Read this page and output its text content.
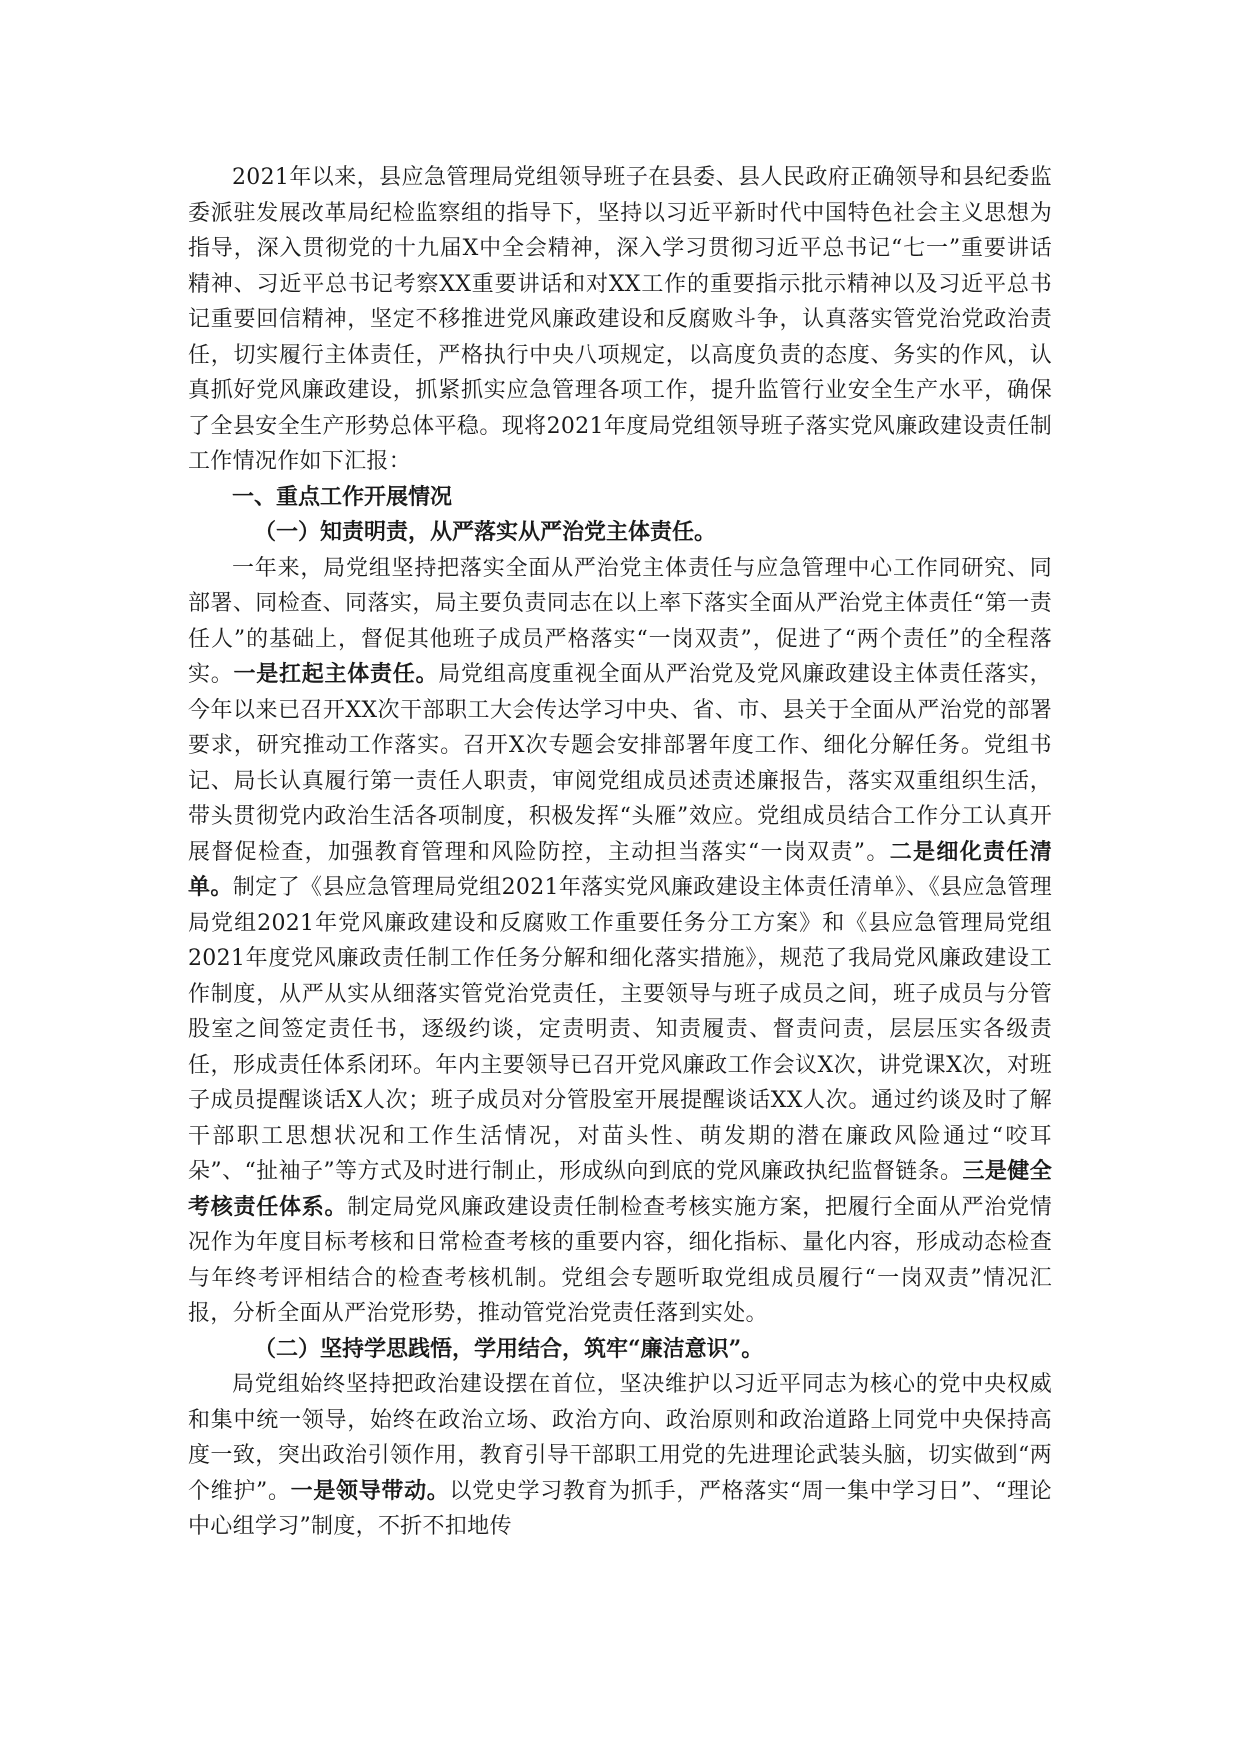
2021年以来，县应急管理局党组领导班子在县委、县人民政府正确领导和县纪委监委派驻发展改革局纪检监察组的指导下，坚持以习近平新时代中国特色社会主义思想为指导，深入贯彻党的十九届X中全会精神，深入学习贯彻习近平总书记“七一”重要讲话精神、习近平总书记考察XX重要讲话和对XX工作的重要指示批示精神以及习近平总书记重要回信精神，坚定不移推进党风廉政建设和反腐败斗争，认真落实管党治党政治责任，切实履行主体责任，严格执行中央八项规定，以高度负责的态度、务实的作风，认真抓好党风廉政建设，抓紧抓实应急管理各项工作，提升监管行业安全生产水平，确保了全县安全生产形势总体平稳。现将2021年度局党组领导班子落实党风廉政建设责任制工作情况作如下汇报：

一、重点工作开展情况

（一）知责明责，从严落实从严治党主体责任。

一年来，局党组坚持把落实全面从严治党主体责任与应急管理中心工作同研究、同部署、同检查、同落实，局主要负责同志在以上率下落实全面从严治党主体责任“第一责任人”的基础上，督促其他班子成员严格落实“一岗双责”，促进了“两个责任”的全程落实。一是扛起主体责任。局党组高度重视全面从严治党及党风廉政建设主体责任落实，今年以来已召开XX次干部职工大会传达学习中央、省、市、县关于全面从严治党的部署要求，研究推动工作落实。召开X次专题会安排部署年度工作、细化分解任务。党组书记、局长认真履行第一责任人职责，审阅党组成员述责述廉报告，落实双重组织生活，带头贯彻党内政治生活各项制度，积极发挥“头雁”效应。党组成员结合工作分工认真开展督促检查，加强教育管理和风险防控，主动担当落实“一岗双责”。二是细化责任清单。制定了《县应急管理局党组2021年落实党风廉政建设主体责任清单》、《县应急管理局党组2021年党风廉政建设和反腐败工作重要任务分工方案》和《县应急管理局党组2021年度党风廉政责任制工作任务分解和细化落实措施》，规范了我局党风廉政建设工作制度，从严从实从细落实管党治党责任，主要领导与班子成员之间，班子成员与分管股室之间签定责任书，逐级约谈，定责明责、知责履责、督责问责，层层压实各级责任，形成责任体系闭环。年内主要领导已召开党风廉政工作会议X次，讲党课X次，对班子成员提醒谈话X人次；班子成员对分管股室开展提醒谈话XX人次。通过约谈及时了解干部职工思想状况和工作生活情况，对苗头性、萌发期的潜在廉政风险通过“咬耳朵”、“扯袖子”等方式及时进行制止，形成纵向到底的党风廉政执纪监督链条。三是健全考核责任体系。制定局党风廉政建设责任制检查考核实施方案，把履行全面从严治党情况作为年度目标考核和日常检查考核的重要内容，细化指标、量化内容，形成动态检查与年终考评相结合的检查考核机制。党组会专题听取党组成员履行“一岗双责”情况汇报，分析全面从严治党形势，推动管党治党责任落到实处。

（二）坚持学思践悟，学用结合，筑牢“廉洁意识”。

局党组始终坚持把政治建设摆在首位，坚决维护以习近平同志为核心的党中央权威和集中统一领导，始终在政治立场、政治方向、政治原则和政治道路上同党中央保持高度一致，突出政治引领作用，教育引导干部职工用党的先进理论武装头脑，切实做到“两个维护”。一是领导带动。以党史学习教育为抓手，严格落实“周一集中学习日”、“理论中心组学习”制度，不折不扣地传
